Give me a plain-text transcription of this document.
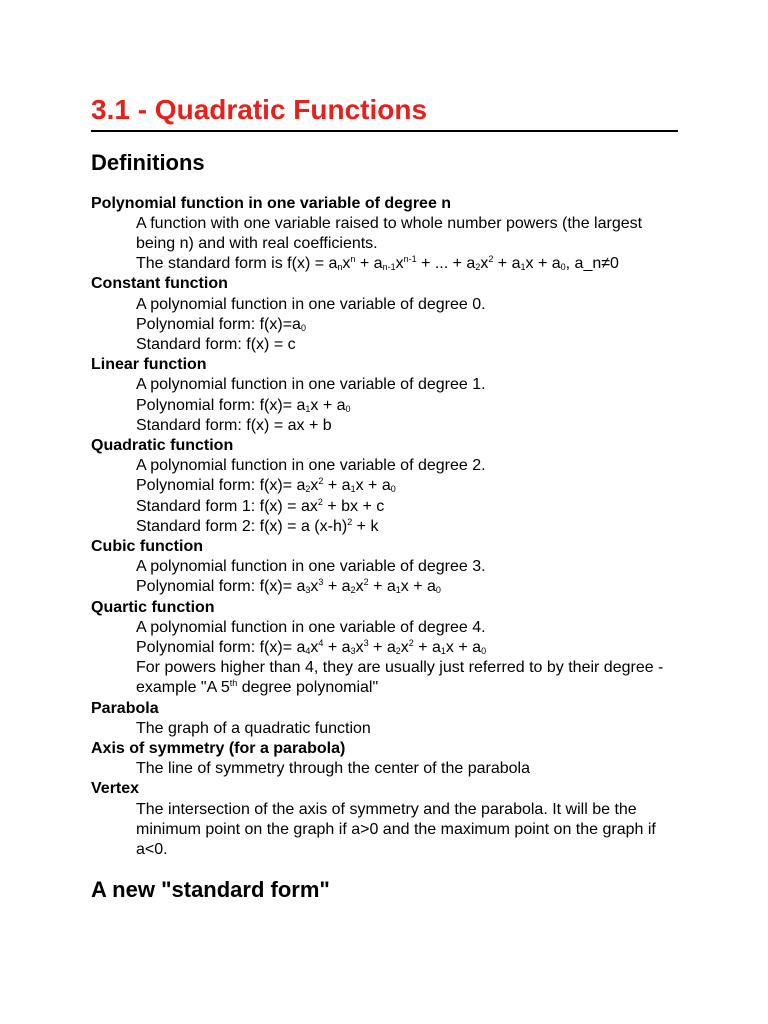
3.1 - Quadratic Functions
Definitions

Polynomial function in one variable of degree n

A function with one variable raised to whole number powers (the largest being n) and with real coefficients.

The standard form is $f(x) = a_nx^n + a_{n-1}x^{n-1}$ + ... + $a_2x^2 + a_1x + a_0$, a_n≠0

Constant function

A polynomial function in one variable of degree 0.

Polynomial form: $f(x)=a_0$

Standard form: f(x) = c

Linear function

A polynomial function in one variable of degree 1.

Polynomial form: $f(x)= a_1x + a_0$

Standard form: f(x) = ax + b

Quadratic function

A polynomial function in one variable of degree 2.

Polynomial form: $f(x)= a_2x^2 + a_1x + a_0$

Standard form 1: $f(x) = ax^2$ + bx + c

Standard form 2: f(x) = a $(x-h)^2 + k$

Cubic function

A polynomial function in one variable of degree 3.

Polynomial form: $f(x)= a_3x^3 + a_2x^2 + a_1x + a_0$

Quartic function

A polynomial function in one variable of degree 4.

Polynomial form: $f(x)= a_4x^4 + a_3x^3 + a_2x^2 + a_1x + a_0$

For powers higher than 4, they are usually just referred to by their degree - example "A 5th degree polynomial"

Parabola

The graph of a quadratic function

Axis of symmetry (for a parabola)

The line of symmetry through the center of the parabola

Vertex

The intersection of the axis of symmetry and the parabola. It will be the minimum point on the graph if a>0 and the maximum point on the graph if a<0.

A new "standard form"
